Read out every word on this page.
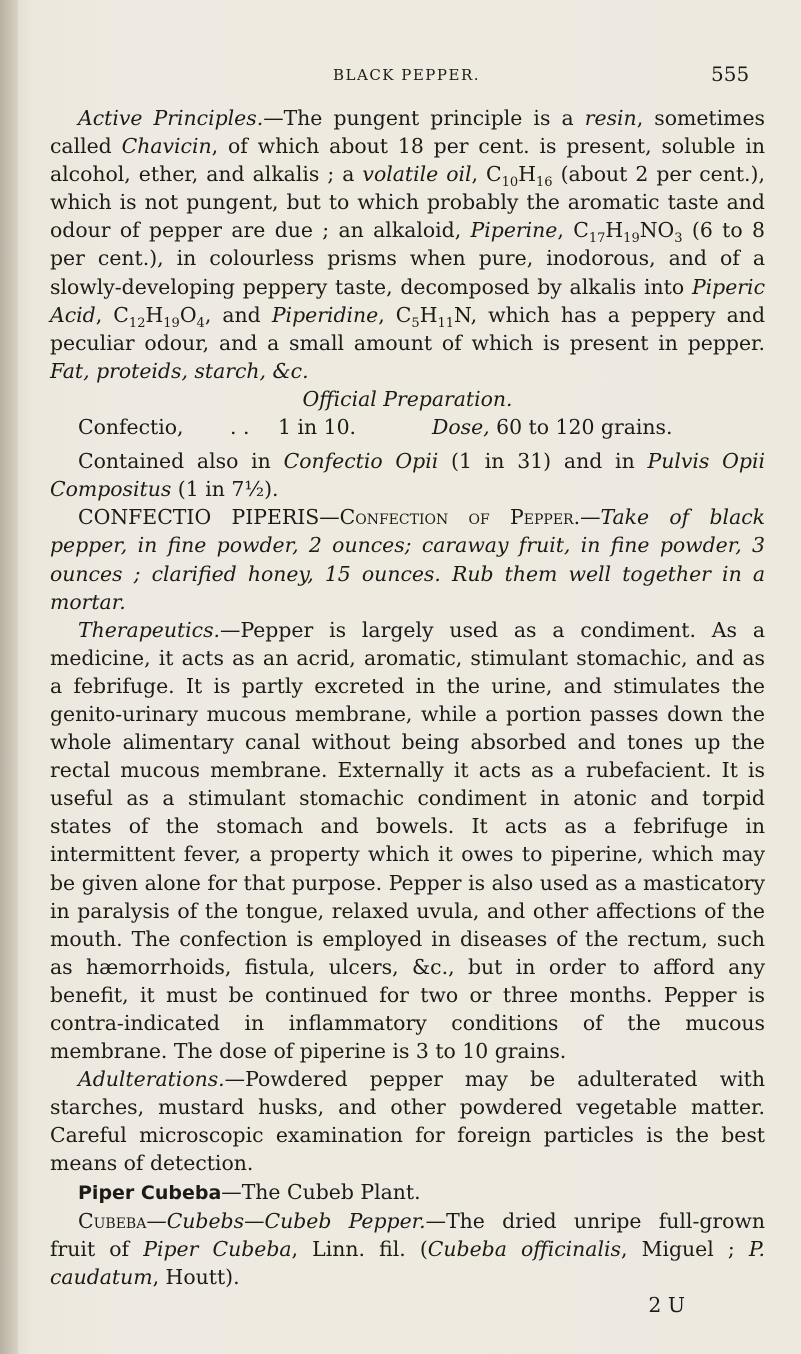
BLACK PEPPER.	555

Active Principles.—The pungent principle is a resin, sometimes called Chavicin, of which about 18 per cent. is present, soluble in alcohol, ether, and alkalis ; a volatile oil, $C_{10}H_{16}$ (about 2 per cent.), which is not pungent, but to which probably the aromatic taste and odour of pepper are due ; an alkaloid, Piperine, $C_{17}H_{19}NO_3$ (6 to 8 per cent.), in colourless prisms when pure, inodorous, and of a slowly-developing peppery taste, decomposed by alkalis into Piperic Acid, $C_{12}H_{19}O_4$, and Piperidine, $C_5H_{11}N$, which has a peppery and peculiar odour, and a small amount of which is present in pepper. Fat, proteids, starch, &c.

Official Preparation.

Confectio, . . 1 in 10.	Dose, 60 to 120 grains.

Contained also in Confectio Opii (1 in 31) and in Pulvis Opii Compositus (1 in 7½).

CONFECTIO PIPERIS—Confection of Pepper.—Take of black pepper, in fine powder, 2 ounces; caraway fruit, in fine powder, 3 ounces ; clarified honey, 15 ounces. Rub them well together in a mortar.

Therapeutics.—Pepper is largely used as a condiment. As a medicine, it acts as an acrid, aromatic, stimulant stomachic, and as a febrifuge. It is partly excreted in the urine, and stimulates the genito-urinary mucous membrane, while a portion passes down the whole alimentary canal without being absorbed and tones up the rectal mucous membrane. Externally it acts as a rubefacient. It is useful as a stimulant stomachic condiment in atonic and torpid states of the stomach and bowels. It acts as a febrifuge in intermittent fever, a property which it owes to piperine, which may be given alone for that purpose. Pepper is also used as a masticatory in paralysis of the tongue, relaxed uvula, and other affections of the mouth. The confection is employed in diseases of the rectum, such as hæmorrhoids, fistula, ulcers, &c., but in order to afford any benefit, it must be continued for two or three months. Pepper is contra-indicated in inflammatory conditions of the mucous membrane. The dose of piperine is 3 to 10 grains.

Adulterations.—Powdered pepper may be adulterated with starches, mustard husks, and other powdered vegetable matter. Careful microscopic examination for foreign particles is the best means of detection.

Piper Cubeba—The Cubeb Plant.

Cubeba—Cubebs—Cubeb Pepper.—The dried unripe full-grown fruit of Piper Cubeba, Linn. fil. (Cubeba officinalis, Miguel ; P. caudatum, Houtt).

2 U
